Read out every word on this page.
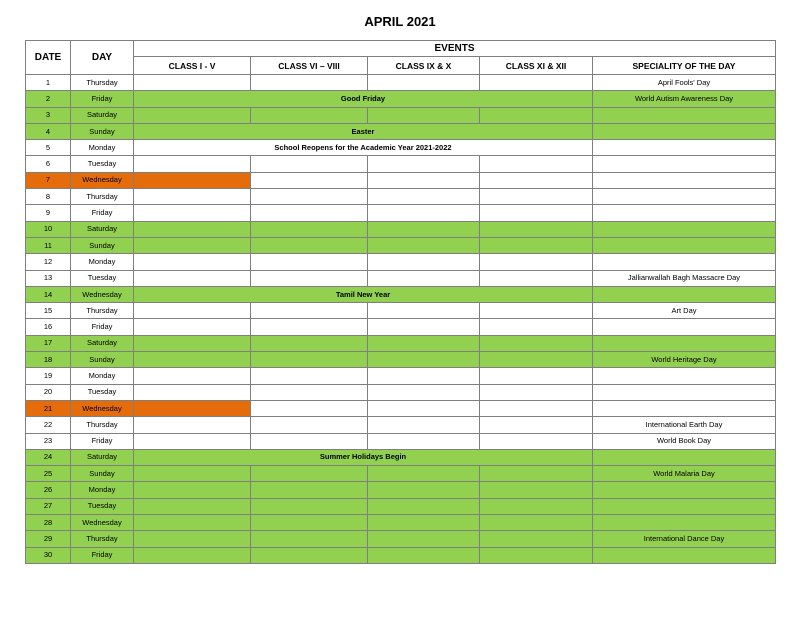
APRIL 2021
DATE	DAY	EVENTS				
		CLASS I - V	CLASS VI – VIII	CLASS IX & X	CLASS XI & XII	SPECIALITY OF THE DAY
1	Thursday					April Fools' Day
2	Friday	Good Friday				World Autism Awareness Day
3	Saturday					
4	Sunday	Easter				
5	Monday	School Reopens for the Academic Year 2021-2022				
6	Tuesday					
7	Wednesday					
8	Thursday					
9	Friday					
10	Saturday					
11	Sunday					
12	Monday					
13	Tuesday					Jallianwallah Bagh Massacre Day
14	Wednesday	Tamil New Year				
15	Thursday					Art Day
16	Friday					
17	Saturday					
18	Sunday					World Heritage Day
19	Monday					
20	Tuesday					
21	Wednesday					
22	Thursday					International Earth Day
23	Friday					World Book Day
24	Saturday	Summer Holidays Begin				
25	Sunday					World Malaria Day
26	Monday					
27	Tuesday					
28	Wednesday					
29	Thursday					International Dance Day
30	Friday					
